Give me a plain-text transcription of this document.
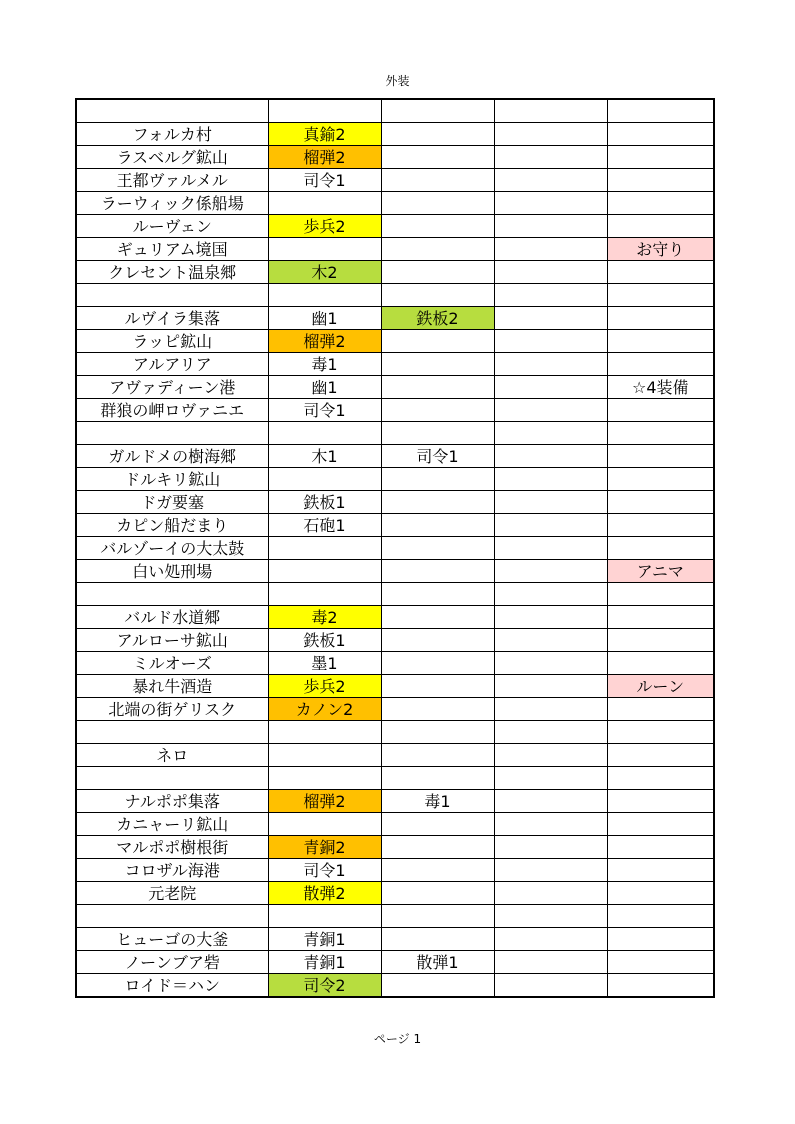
外装

フォルカ村	真鍮2			
ラスベルグ鉱山	榴弾2			
王都ヴァルメル	司令1			
ラーウィック係船場				
ルーヴェン	歩兵2			
ギュリアム境国				お守り
クレセント温泉郷	木2			

ルヴイラ集落	幽1	鉄板2		
ラッピ鉱山	榴弾2			
アルアリア	毒1			
アヴァディーン港	幽1			☆4装備
群狼の岬ロヴァニエ	司令1			

ガルドメの樹海郷	木1	司令1		
ドルキリ鉱山				
ドガ要塞	鉄板1			
カピン船だまり	石砲1			
バルゾーイの大太鼓				
白い処刑場				アニマ

バルド水道郷	毒2			
アルローサ鉱山	鉄板1			
ミルオーズ	墨1			
暴れ牛酒造	歩兵2			ルーン
北端の街ゲリスク	カノン2			

ネロ				

ナルポポ集落	榴弾2	毒1		
カニャーリ鉱山				
マルポポ樹根街	青銅2			
コロザル海港	司令1			
元老院	散弾2			

ヒューゴの大釜	青銅1			
ノーンブア砦	青銅1	散弾1		
ロイド＝ハン	司令2			
ページ 1
